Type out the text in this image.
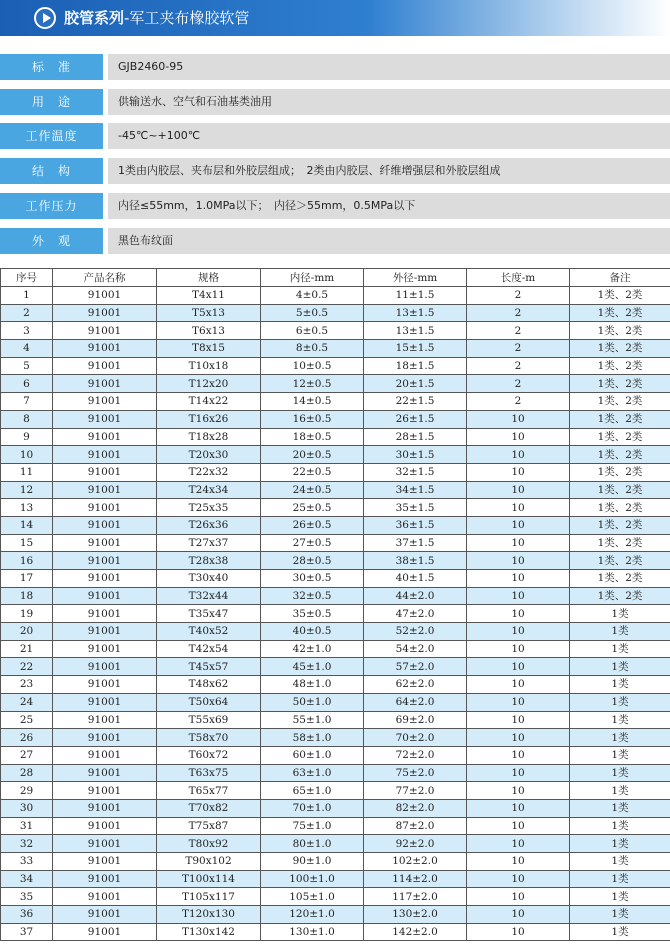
胶管系列-军工夹布橡胶软管
标　准	GJB2460-95
用　途	供输送水、空气和石油基类油用
工作温度	-45℃~+100℃
结　构	1类由内胶层、夹布层和外胶层组成；　2类由内胶层、纤维增强层和外胶层组成
工作压力	内径≤55mm，1.0MPa以下；　内径＞55mm，0.5MPa以下
外　观	黑色布纹面
序号	产品名称	规格	内径-mm	外径-mm	长度-m	备注
1	91001	T4x11	4±0.5	11±1.5	2	1类、2类
2	91001	T5x13	5±0.5	13±1.5	2	1类、2类
3	91001	T6x13	6±0.5	13±1.5	2	1类、2类
4	91001	T8x15	8±0.5	15±1.5	2	1类、2类
5	91001	T10x18	10±0.5	18±1.5	2	1类、2类
6	91001	T12x20	12±0.5	20±1.5	2	1类、2类
7	91001	T14x22	14±0.5	22±1.5	2	1类、2类
8	91001	T16x26	16±0.5	26±1.5	10	1类、2类
9	91001	T18x28	18±0.5	28±1.5	10	1类、2类
10	91001	T20x30	20±0.5	30±1.5	10	1类、2类
11	91001	T22x32	22±0.5	32±1.5	10	1类、2类
12	91001	T24x34	24±0.5	34±1.5	10	1类、2类
13	91001	T25x35	25±0.5	35±1.5	10	1类、2类
14	91001	T26x36	26±0.5	36±1.5	10	1类、2类
15	91001	T27x37	27±0.5	37±1.5	10	1类、2类
16	91001	T28x38	28±0.5	38±1.5	10	1类、2类
17	91001	T30x40	30±0.5	40±1.5	10	1类、2类
18	91001	T32x44	32±0.5	44±2.0	10	1类、2类
19	91001	T35x47	35±0.5	47±2.0	10	1类
20	91001	T40x52	40±0.5	52±2.0	10	1类
21	91001	T42x54	42±1.0	54±2.0	10	1类
22	91001	T45x57	45±1.0	57±2.0	10	1类
23	91001	T48x62	48±1.0	62±2.0	10	1类
24	91001	T50x64	50±1.0	64±2.0	10	1类
25	91001	T55x69	55±1.0	69±2.0	10	1类
26	91001	T58x70	58±1.0	70±2.0	10	1类
27	91001	T60x72	60±1.0	72±2.0	10	1类
28	91001	T63x75	63±1.0	75±2.0	10	1类
29	91001	T65x77	65±1.0	77±2.0	10	1类
30	91001	T70x82	70±1.0	82±2.0	10	1类
31	91001	T75x87	75±1.0	87±2.0	10	1类
32	91001	T80x92	80±1.0	92±2.0	10	1类
33	91001	T90x102	90±1.0	102±2.0	10	1类
34	91001	T100x114	100±1.0	114±2.0	10	1类
35	91001	T105x117	105±1.0	117±2.0	10	1类
36	91001	T120x130	120±1.0	130±2.0	10	1类
37	91001	T130x142	130±1.0	142±2.0	10	1类
